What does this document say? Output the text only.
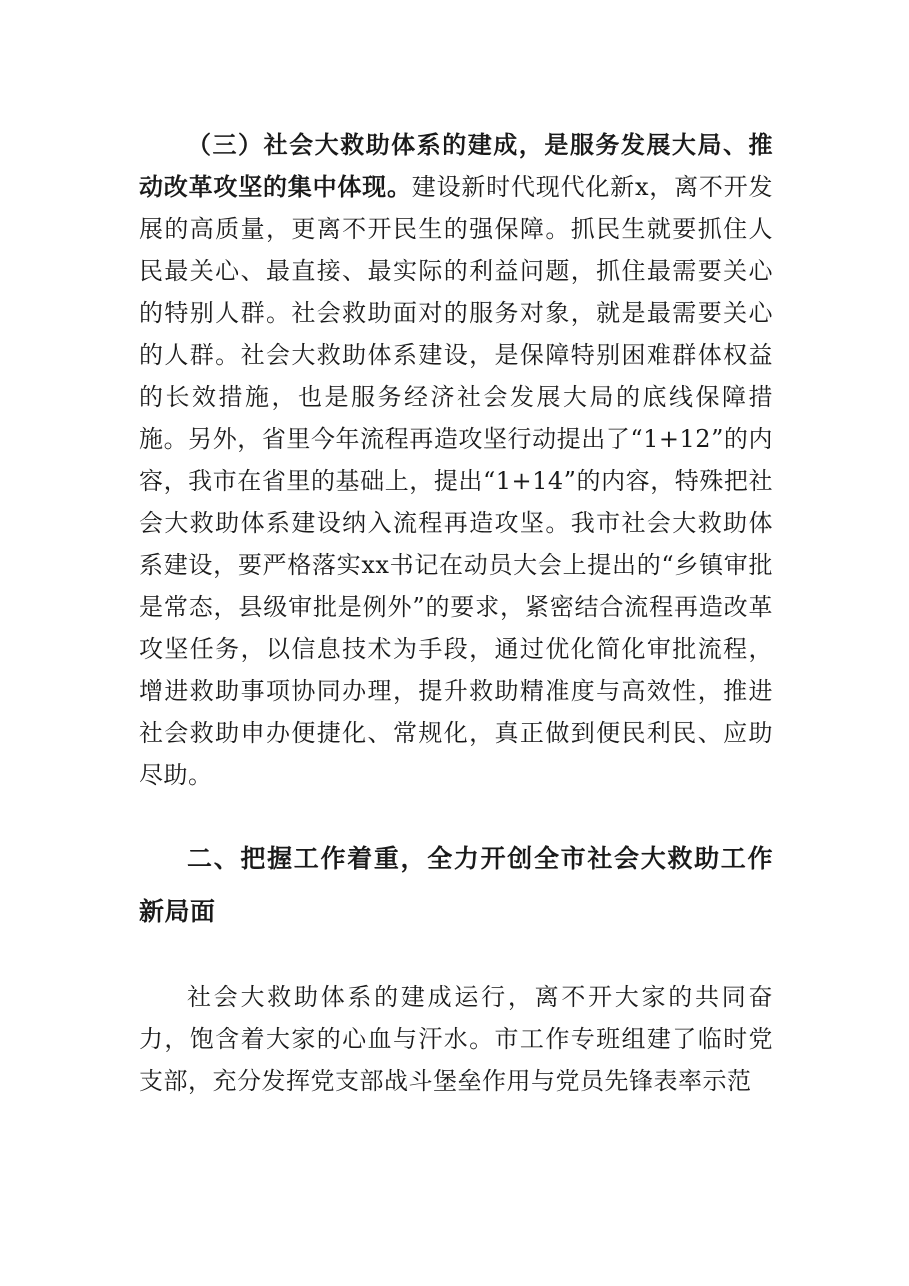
（三）社会大救助体系的建成，是服务发展大局、推动改革攻坚的集中体现。建设新时代现代化新x，离不开发展的高质量，更离不开民生的强保障。抓民生就要抓住人民最关心、最直接、最实际的利益问题，抓住最需要关心的特别人群。社会救助面对的服务对象，就是最需要关心的人群。社会大救助体系建设，是保障特别困难群体权益的长效措施，也是服务经济社会发展大局的底线保障措施。另外，省里今年流程再造攻坚行动提出了“1+12”的内容，我市在省里的基础上，提出“1+14”的内容，特殊把社会大救助体系建设纳入流程再造攻坚。我市社会大救助体系建设，要严格落实xx书记在动员大会上提出的“乡镇审批是常态，县级审批是例外”的要求，紧密结合流程再造改革攻坚任务，以信息技术为手段，通过优化简化审批流程，增进救助事项协同办理，提升救助精准度与高效性，推进社会救助申办便捷化、常规化，真正做到便民利民、应助尽助。

二、把握工作着重，全力开创全市社会大救助工作新局面

社会大救助体系的建成运行，离不开大家的共同奋力，饱含着大家的心血与汗水。市工作专班组建了临时党支部，充分发挥党支部战斗堡垒作用与党员先锋表率示范
